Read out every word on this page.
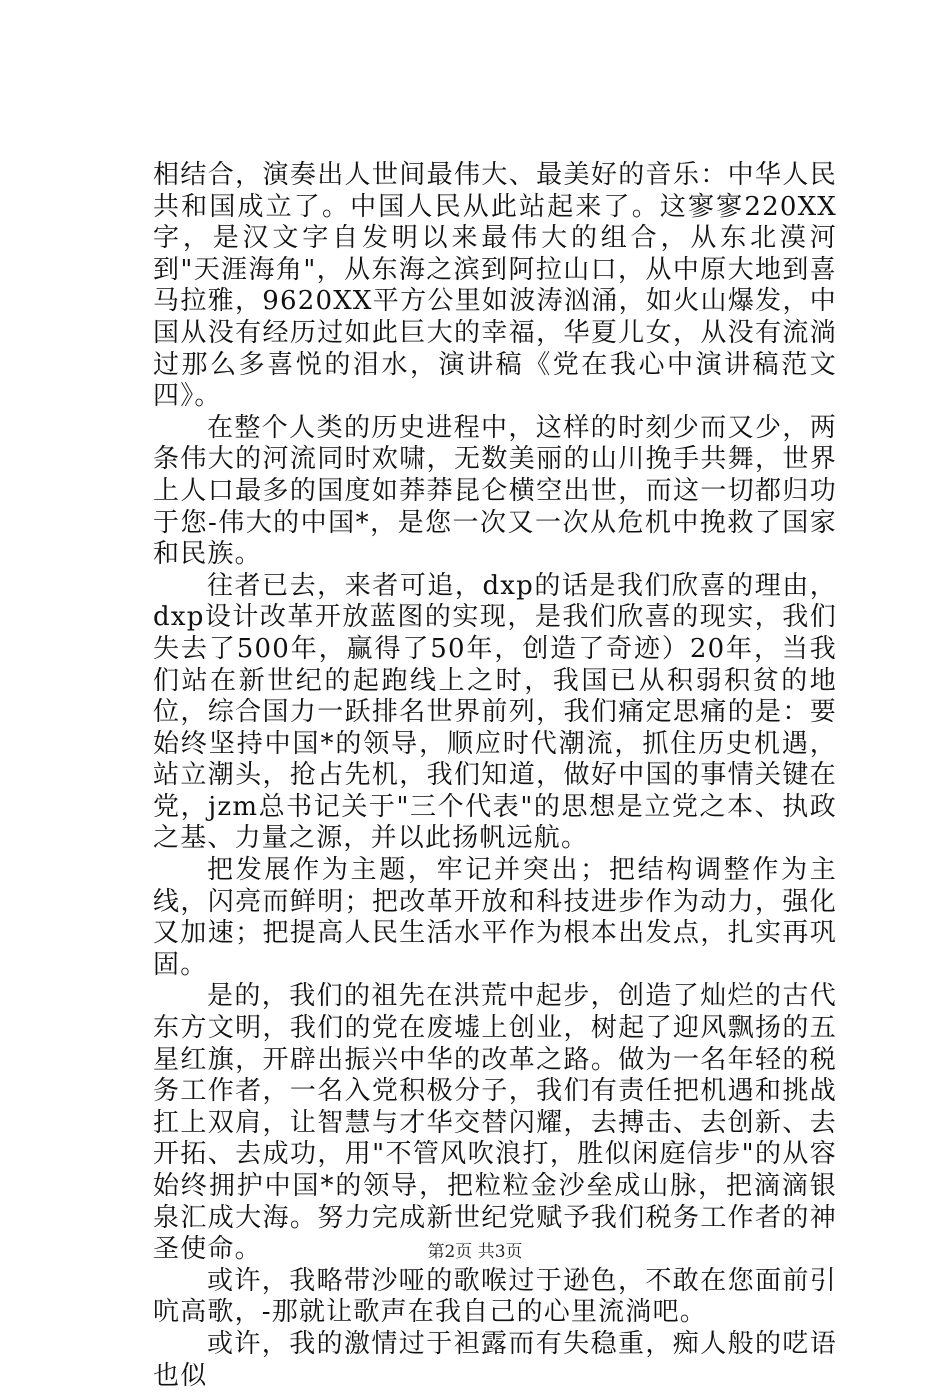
相结合，演奏出人世间最伟大、最美好的音乐：中华人民共和国成立了。中国人民从此站起来了。这寥寥220XX字，是汉文字自发明以来最伟大的组合，从东北漠河到"天涯海角"，从东海之滨到阿拉山口，从中原大地到喜马拉雅，9620XX平方公里如波涛汹涌，如火山爆发，中国从没有经历过如此巨大的幸福，华夏儿女，从没有流淌过那么多喜悦的泪水，演讲稿《党在我心中演讲稿范文四》。

在整个人类的历史进程中，这样的时刻少而又少，两条伟大的河流同时欢啸，无数美丽的山川挽手共舞，世界上人口最多的国度如莽莽昆仑横空出世，而这一切都归功于您-伟大的中国*，是您一次又一次从危机中挽救了国家和民族。

往者已去，来者可追，dxp的话是我们欣喜的理由，dxp设计改革开放蓝图的实现，是我们欣喜的现实，我们失去了500年，赢得了50年，创造了奇迹）20年，当我们站在新世纪的起跑线上之时，我国已从积弱积贫的地位，综合国力一跃排名世界前列，我们痛定思痛的是：要始终坚持中国*的领导，顺应时代潮流，抓住历史机遇，站立潮头，抢占先机，我们知道，做好中国的事情关键在党，jzm总书记关于"三个代表"的思想是立党之本、执政之基、力量之源，并以此扬帆远航。

把发展作为主题，牢记并突出；把结构调整作为主线，闪亮而鲜明；把改革开放和科技进步作为动力，强化又加速；把提高人民生活水平作为根本出发点，扎实再巩固。

是的，我们的祖先在洪荒中起步，创造了灿烂的古代东方文明，我们的党在废墟上创业，树起了迎风飘扬的五星红旗，开辟出振兴中华的改革之路。做为一名年轻的税务工作者，一名入党积极分子，我们有责任把机遇和挑战扛上双肩，让智慧与才华交替闪耀，去搏击、去创新、去开拓、去成功，用"不管风吹浪打，胜似闲庭信步"的从容始终拥护中国*的领导，把粒粒金沙垒成山脉，把滴滴银泉汇成大海。努力完成新世纪党赋予我们税务工作者的神圣使命。

或许，我略带沙哑的歌喉过于逊色，不敢在您面前引吭高歌，-那就让歌声在我自己的心里流淌吧。

或许，我的激情过于袒露而有失稳重，痴人般的呓语也似

第2页 共3页
